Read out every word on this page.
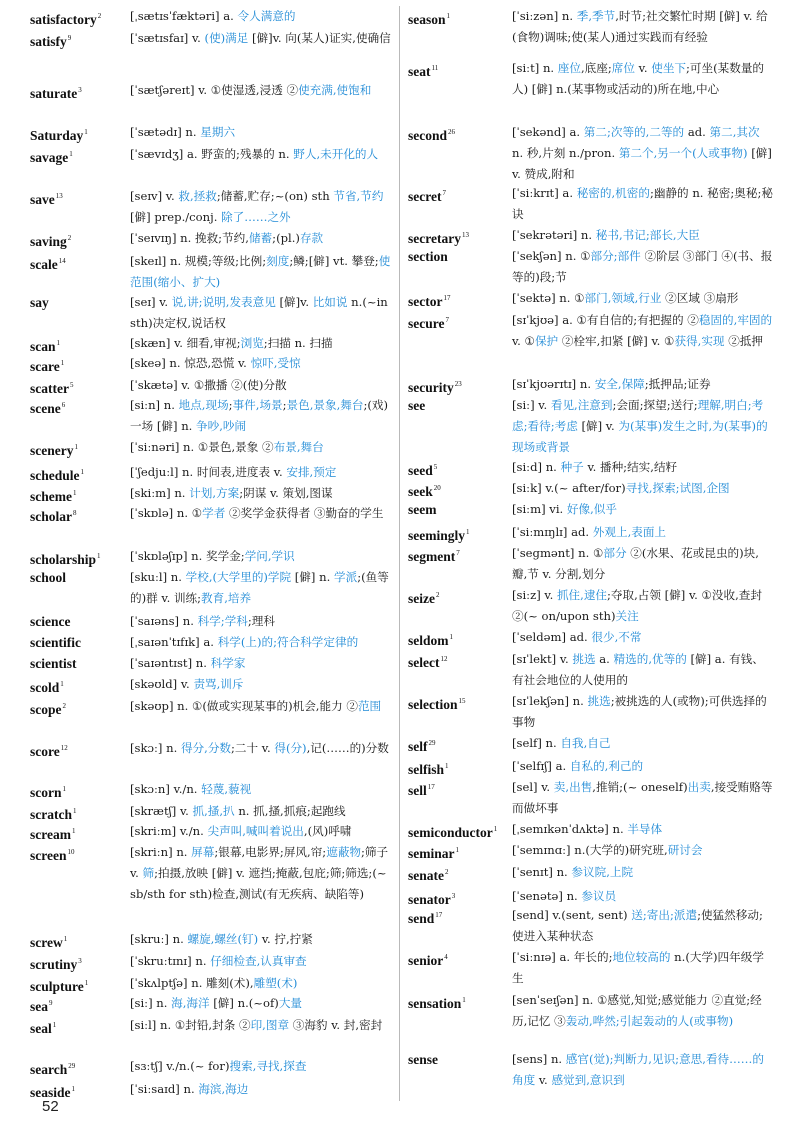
satisfactory$^2$ [ˌsætɪsˈfæktəri] a. 令人满意的
satisfy$^9$	[ˈsætɪsfaɪ] v. (使)满足 [僻]v. 向(某人)证实,使确信
saturate$^3$	[ˈsætʃəreɪt] v. ①使湿透,浸透 ②使充满,使饱和
Saturday$^1$	[ˈsætədɪ] n. 星期六
savage$^1$	[ˈsævɪdʒ] a. 野蛮的;残暴的 n. 野人,未开化的人
save$^{13}$	[seɪv] v. 救,拯救;储蓄,贮存;~(on) sth 节省,节约 [僻] prep./conj. 除了……之外
saving$^2$	[ˈseɪvɪŋ] n. 挽救;节约,储蓄;(pl.)存款
scale$^{14}$	[skeɪl] n. 规模;等级;比例;刻度;鳞;[僻] vt. 攀登;使范围(缩小、扩大)
say	[seɪ] v. 说,讲;说明,发表意见 [僻]v. 比如说 n.(~in sth)决定权,说话权
scan$^1$	[skæn] v. 细看,审视;浏览;扫描 n. 扫描
scare$^1$	[skeə] n. 惊恐,恐慌 v. 惊吓,受惊
scatter$^5$	[ˈskætə] v. ①撒播 ②(使)分散
scene$^6$	[siːn] n. 地点,现场;事件,场景;景色,景象,舞台;(戏)一场 [僻] n. 争吵,吵闹
scenery$^1$	[ˈsiːnəri] n. ①景色,景象 ②布景,舞台
schedule$^1$	[ˈʃedjuːl] n. 时间表,进度表 v. 安排,预定
scheme$^1$	[skiːm] n. 计划,方案;阴谋 v. 策划,图谋
scholar$^8$	[ˈskɒlə] n. ①学者 ②奖学金获得者 ③勤奋的学生
scholarship$^1$	[ˈskɒləʃɪp] n. 奖学金;学问,学识
school	[skuːl] n. 学校,(大学里的)学院 [僻] n. 学派;(鱼等的)群 v. 训练;教育,培养
science	[ˈsaɪəns] n. 科学;学科;理科
scientific	[ˌsaɪənˈtɪfɪk] a. 科学(上)的;符合科学定律的
scientist	[ˈsaɪəntɪst] n. 科学家
scold$^1$	[skəʊld] v. 责骂,训斥
scope$^2$	[skəʊp] n. ①(做或实现某事的)机会,能力 ②范围
score$^{12}$	[skɔː] n. 得分,分数;二十 v. 得(分),记(……的)分数
scorn$^1$	[skɔːn] v./n. 轻蔑,藐视
scratch$^1$	[skrætʃ] v. 抓,搔,扒 n. 抓,搔,抓痕;起跑线
scream$^1$	[skriːm] v./n. 尖声叫,喊叫着说出,(风)呼啸
screen$^{10}$	[skriːn] n. 屏幕;银幕,电影界;屏风,帘;遮蔽物;筛子 v. 筛;拍摄,放映 [僻] v. 遮挡;掩蔽,包庇;筛;筛选;(~ sb/sth for sth)检查,测试(有无疾病、缺陷等)
screw$^1$	[skruː] n. 螺旋,螺丝(钉) v. 拧,拧紧
scrutiny$^3$	[ˈskruːtɪnɪ] n. 仔细检查,认真审查
sculpture$^1$	[ˈskʌlptʃə] n. 雕刻(术),雕塑(术)
sea$^9$	[siː] n. 海,海洋 [僻] n.(~of)大量
seal$^1$	[siːl] n. ①封铅,封条 ②印,图章 ③海豹 v. 封,密封
search$^{29}$	[sɜːtʃ] v./n.(~ for)搜索,寻找,探查
seaside$^1$	[ˈsiːsaɪd] n. 海滨,海边
season$^1$	[ˈsiːzən] n. 季,季节,时节;社交繁忙时期 [僻] v. 给(食物)调味;使(某人)通过实践而有经验
seat$^{11}$	[siːt] n. 座位,底座;席位 v. 使坐下;可坐(某数量的人) [僻] n.(某事物或活动的)所在地,中心
second$^{26}$	[ˈsekənd] a. 第二;次等的,二等的 ad. 第二,其次 n. 秒,片刻 n./pron. 第二个,另一个(人或事物) [僻] v. 赞成,附和
secret$^7$	[ˈsiːkrɪt] a. 秘密的,机密的;幽静的 n. 秘密;奥秘;秘诀
secretary$^{13}$	[ˈsekrətəri] n. 秘书,书记;部长,大臣
section	[ˈsekʃən] n. ①部分;部件 ②阶层 ③部门 ④(书、报等的)段;节
sector$^{17}$	[ˈsektə] n. ①部门,领域,行业 ②区域 ③扇形
secure$^7$	[sɪˈkjʊə] a. ①有自信的;有把握的 ②稳固的,牢固的 v. ①保护 ②栓牢,扣紧 [僻] v. ①获得,实现 ②抵押
security$^{23}$	[sɪˈkjʊərɪtɪ] n. 安全,保障;抵押品;证券
see	[siː] v. 看见,注意到;会面;探望;送行;理解,明白;考虑;看待;考虑 [僻] v. 为(某事)发生之时,为(某事)的现场或背景
seed$^5$	[siːd] n. 种子 v. 播种;结实,结籽
seek$^{20}$	[siːk] v.(~ after/for)寻找,探索;试图,企图
seem	[siːm] vi. 好像,似乎
seemingly$^1$	[ˈsiːmɪŋlɪ] ad. 外观上,表面上
segment$^7$	[ˈsegmənt] n. ①部分 ②(水果、花或昆虫的)块,瓣,节 v. 分割,划分
seize$^2$	[siːz] v. 抓住,逮住;夺取,占领 [僻] v. ①没收,查封 ②(~ on/upon sth)关注
seldom$^1$	[ˈseldəm] ad. 很少,不常
select$^{12}$	[sɪˈlekt] v. 挑选 a. 精选的,优等的 [僻] a. 有钱、有社会地位的人使用的
selection$^{15}$	[sɪˈlekʃən] n. 挑选;被挑选的人(或物);可供选择的事物
self$^{29}$	[self] n. 自我,自己
selfish$^1$	[ˈselfɪʃ] a. 自私的,利己的
sell$^{17}$	[sel] v. 卖,出售,推销;(~ oneself)出卖,接受贿赂等而做坏事
semiconductor$^1$ [ˌsemɪkənˈdʌktə] n. 半导体
seminar$^1$	[ˈsemɪnɑː] n.(大学的)研究班,研讨会
senate$^2$	[ˈsenɪt] n. 参议院,上院
senator$^3$	[ˈsenətə] n. 参议员
send$^{17}$	[send] v.(sent, sent) 送;寄出;派遣;使猛然移动;使进入某种状态
senior$^4$	[ˈsiːnɪə] a. 年长的;地位较高的 n.(大学)四年级学生
sensation$^1$	[senˈseɪʃən] n. ①感觉,知觉;感觉能力 ②直觉;经历,记忆 ③轰动,哗然;引起轰动的人(或事物)
sense	[sens] n. 感官(觉);判断力,见识;意思,看待……的角度 v. 感觉到,意识到
52
